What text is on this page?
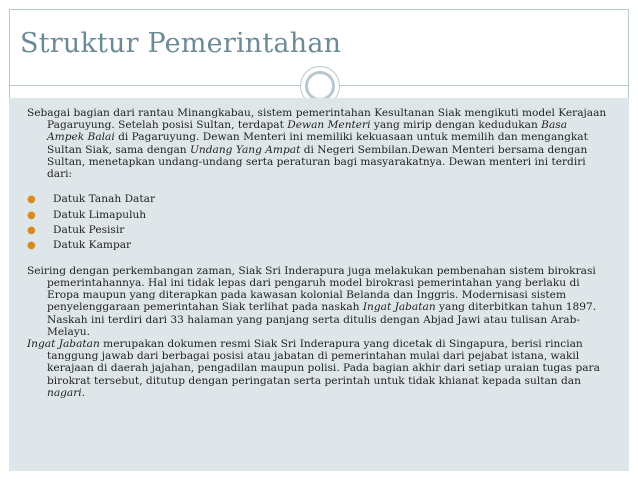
Struktur Pemerintahan

Sebagai bagian dari rantau Minangkabau, sistem pemerintahan Kesultanan Siak mengikuti model Kerajaan Pagaruyung. Setelah posisi Sultan, terdapat Dewan Menteri yang mirip dengan kedudukan Basa Ampek Balai di Pagaruyung. Dewan Menteri ini memiliki kekuasaan untuk memilih dan mengangkat Sultan Siak, sama dengan Undang Yang Ampat di Negeri Sembilan.Dewan Menteri bersama dengan Sultan, menetapkan undang-undang serta peraturan bagi masyarakatnya. Dewan menteri ini terdiri dari:

● Datuk Tanah Datar
● Datuk Limapuluh
● Datuk Pesisir
● Datuk Kampar

Seiring dengan perkembangan zaman, Siak Sri Inderapura juga melakukan pembenahan sistem birokrasi pemerintahannya. Hal ini tidak lepas dari pengaruh model birokrasi pemerintahan yang berlaku di Eropa maupun yang diterapkan pada kawasan kolonial Belanda dan Inggris. Modernisasi sistem penyelenggaraan pemerintahan Siak terlihat pada naskah Ingat Jabatan yang diterbitkan tahun 1897. Naskah ini terdiri dari 33 halaman yang panjang serta ditulis dengan Abjad Jawi atau tulisan Arab-Melayu.

Ingat Jabatan merupakan dokumen resmi Siak Sri Inderapura yang dicetak di Singapura, berisi rincian tanggung jawab dari berbagai posisi atau jabatan di pemerintahan mulai dari pejabat istana, wakil kerajaan di daerah jajahan, pengadilan maupun polisi. Pada bagian akhir dari setiap uraian tugas para birokrat tersebut, ditutup dengan peringatan serta perintah untuk tidak khianat kepada sultan dan nagari.
